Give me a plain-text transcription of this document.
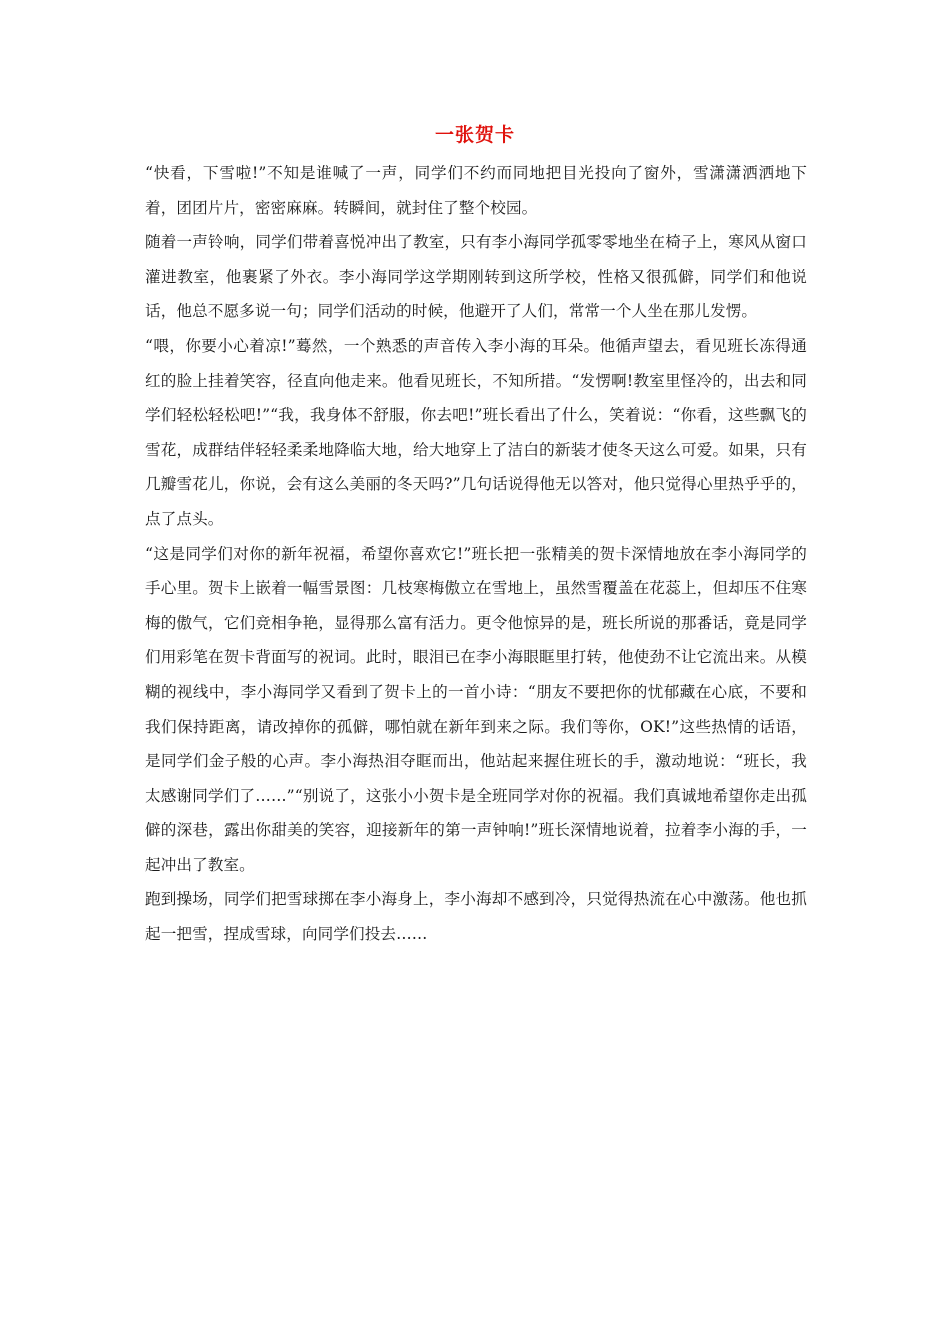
一张贺卡

“快看，下雪啦!”不知是谁喊了一声，同学们不约而同地把目光投向了窗外，雪潇潇洒洒地下着，团团片片，密密麻麻。转瞬间，就封住了整个校园。

随着一声铃响，同学们带着喜悦冲出了教室，只有李小海同学孤零零地坐在椅子上，寒风从窗口灌进教室，他裹紧了外衣。李小海同学这学期刚转到这所学校，性格又很孤僻，同学们和他说话，他总不愿多说一句；同学们活动的时候，他避开了人们，常常一个人坐在那儿发愣。

“喂，你要小心着凉!”蓦然，一个熟悉的声音传入李小海的耳朵。他循声望去，看见班长冻得通红的脸上挂着笑容，径直向他走来。他看见班长，不知所措。“发愣啊!教室里怪冷的，出去和同学们轻松轻松吧!”“我，我身体不舒服，你去吧!”班长看出了什么，笑着说：“你看，这些飘飞的雪花，成群结伴轻轻柔柔地降临大地，给大地穿上了洁白的新装才使冬天这么可爱。如果，只有几瓣雪花儿，你说，会有这么美丽的冬天吗?”几句话说得他无以答对，他只觉得心里热乎乎的，点了点头。

“这是同学们对你的新年祝福，希望你喜欢它!”班长把一张精美的贺卡深情地放在李小海同学的手心里。贺卡上嵌着一幅雪景图：几枝寒梅傲立在雪地上，虽然雪覆盖在花蕊上，但却压不住寒梅的傲气，它们竞相争艳，显得那么富有活力。更令他惊异的是，班长所说的那番话，竟是同学们用彩笔在贺卡背面写的祝词。此时，眼泪已在李小海眼眶里打转，他使劲不让它流出来。从模糊的视线中，李小海同学又看到了贺卡上的一首小诗：“朋友不要把你的忧郁藏在心底，不要和我们保持距离，请改掉你的孤僻，哪怕就在新年到来之际。我们等你，OK!”这些热情的话语，是同学们金子般的心声。李小海热泪夺眶而出，他站起来握住班长的手，激动地说：“班长，我太感谢同学们了……”“别说了，这张小小贺卡是全班同学对你的祝福。我们真诚地希望你走出孤僻的深巷，露出你甜美的笑容，迎接新年的第一声钟响!”班长深情地说着，拉着李小海的手，一起冲出了教室。

跑到操场，同学们把雪球掷在李小海身上，李小海却不感到冷，只觉得热流在心中激荡。他也抓起一把雪，捏成雪球，向同学们投去……
